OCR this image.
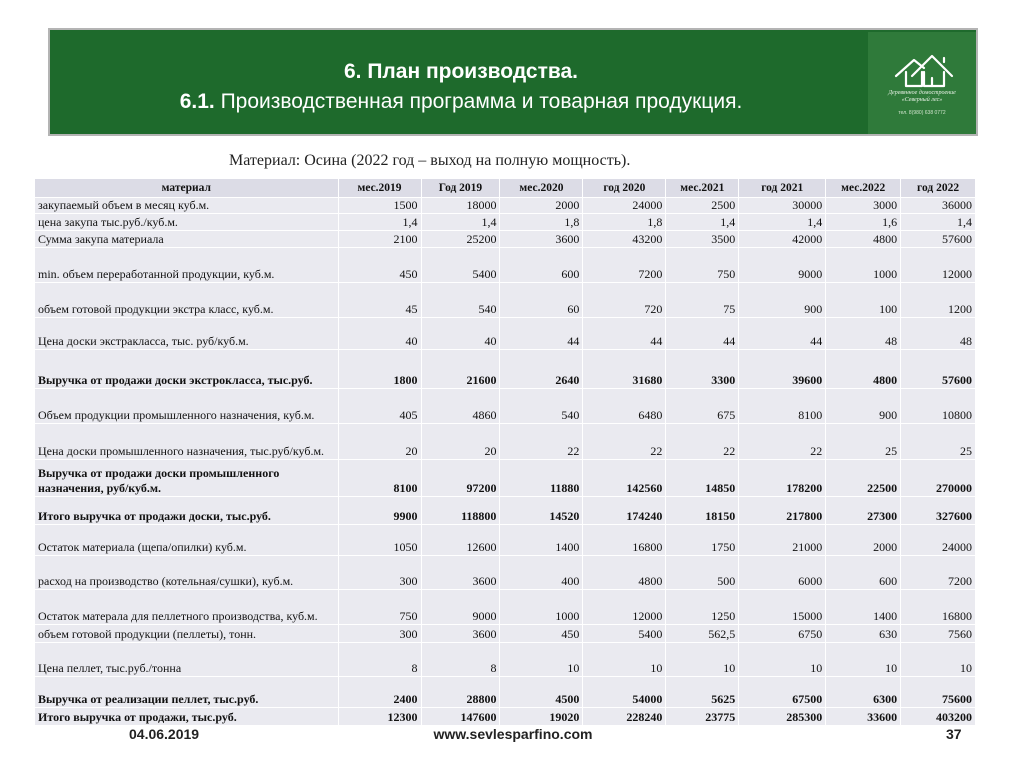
6. План производства.
6.1. Производственная программа и товарная продукция.	Деревянное домостроение
«Северный лес»
тел. 8(980) 638 0772
Материал: Осина (2022 год – выход на полную мощность).
материал	мес.2019	Год 2019	мес.2020	год 2020	мес.2021	год 2021	мес.2022	год 2022
закупаемый объем в месяц куб.м.	1500	18000	2000	24000	2500	30000	3000	36000
цена закупа тыс.руб./куб.м.	1,4	1,4	1,8	1,8	1,4	1,4	1,6	1,4
Сумма закупа материала	2100	25200	3600	43200	3500	42000	4800	57600
min. объем переработанной продукции, куб.м.	450	5400	600	7200	750	9000	1000	12000
объем готовой продукции экстра класс, куб.м.	45	540	60	720	75	900	100	1200
Цена доски экстракласса, тыс. руб/куб.м.	40	40	44	44	44	44	48	48
Выручка от продажи доски экстрокласса, тыс.руб.	1800	21600	2640	31680	3300	39600	4800	57600
Объем продукции промышленного назначения, куб.м.	405	4860	540	6480	675	8100	900	10800
Цена доски промышленного назначения, тыс.руб/куб.м.	20	20	22	22	22	22	25	25
Выручка от продажи доски промышленного назначения, руб/куб.м.	8100	97200	11880	142560	14850	178200	22500	270000
Итого выручка от продажи доски, тыс.руб.	9900	118800	14520	174240	18150	217800	27300	327600
Остаток материала (щепа/опилки) куб.м.	1050	12600	1400	16800	1750	21000	2000	24000
расход на производство (котельная/сушки), куб.м.	300	3600	400	4800	500	6000	600	7200
Остаток матерала для пеллетного производства, куб.м.	750	9000	1000	12000	1250	15000	1400	16800
объем готовой продукции (пеллеты), тонн.	300	3600	450	5400	562,5	6750	630	7560
Цена пеллет, тыс.руб./тонна	8	8	10	10	10	10	10	10
Выручка от реализации пеллет, тыс.руб.	2400	28800	4500	54000	5625	67500	6300	75600
Итого выручка от продажи, тыс.руб.	12300	147600	19020	228240	23775	285300	33600	403200
04.06.2019	www.sevlesparfino.com	37
